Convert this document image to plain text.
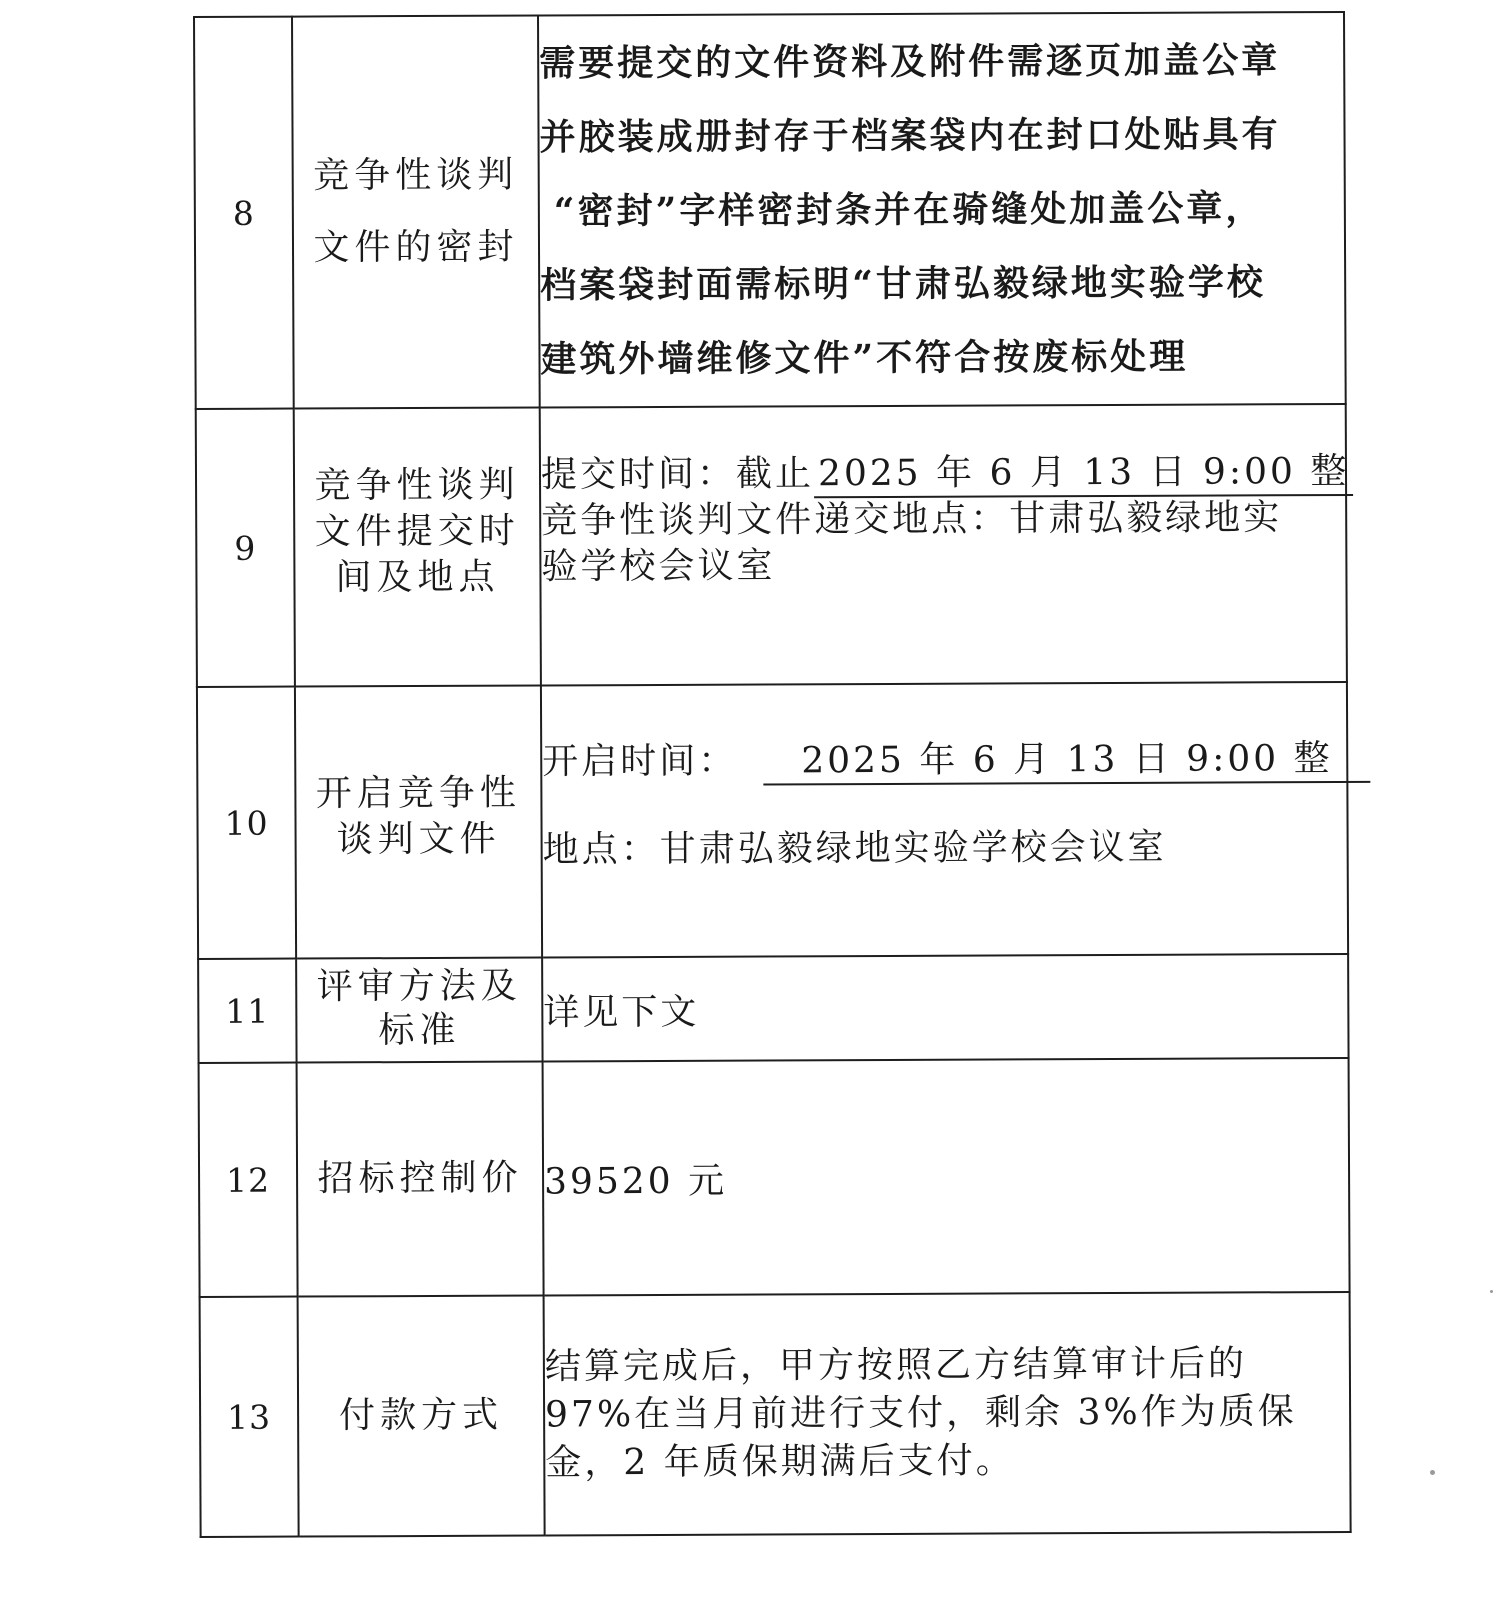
8	竞争性谈判
文件的密封	需要提交的文件资料及附件需逐页加盖公章
并胶装成册封存于档案袋内在封口处贴具有
“密封”字样密封条并在骑缝处加盖公章，
档案袋封面需标明“甘肃弘毅绿地实验学校
建筑外墙维修文件”不符合按废标处理

9	竞争性谈判
文件提交时
间及地点	提交时间：截止 2025 年 6 月 13 日 9:00 整
竞争性谈判文件递交地点：甘肃弘毅绿地实
验学校会议室

10	开启竞争性
谈判文件	开启时间： 2025 年 6 月 13 日 9:00 整
地点：甘肃弘毅绿地实验学校会议室

11	评审方法及
标准	详见下文
12	招标控制价	39520 元
13	付款方式	结算完成后，甲方按照乙方结算审计后的
97%在当月前进行支付，剩余 3%作为质保
金，2 年质保期满后支付。
